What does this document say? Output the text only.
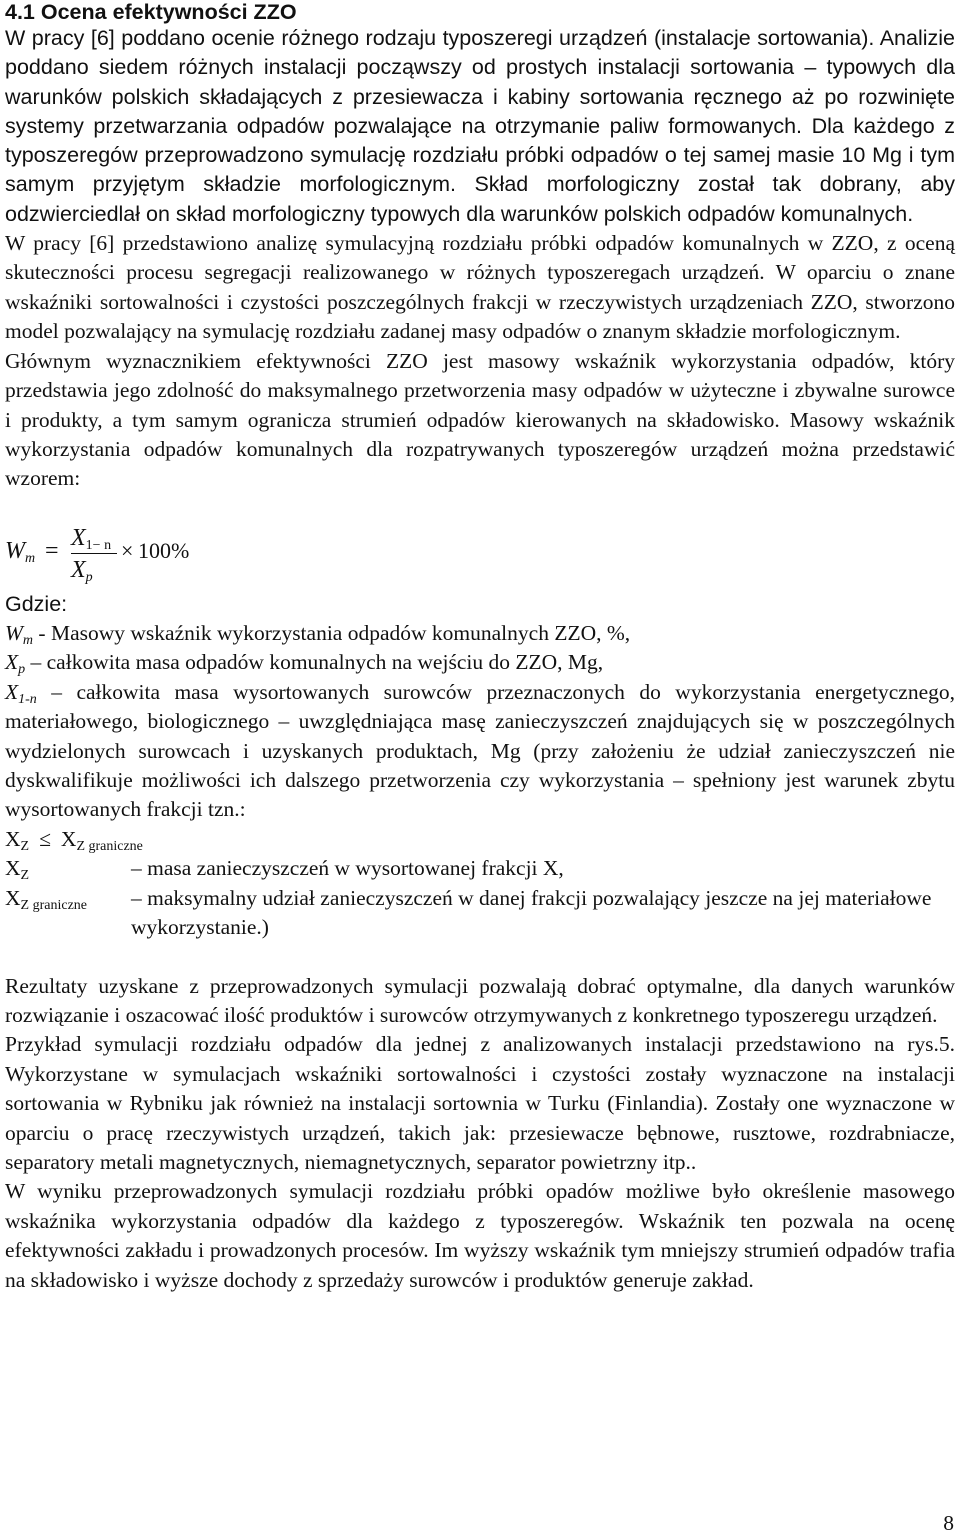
4.1 Ocena efektywności ZZO

W pracy [6] poddano ocenie różnego rodzaju typoszeregi urządzeń (instalacje sortowania). Analizie poddano siedem różnych instalacji począwszy od prostych instalacji sortowania – typowych dla warunków polskich składających z przesiewacza i kabiny sortowania ręcznego aż po rozwinięte systemy przetwarzania odpadów pozwalające na otrzymanie paliw formowanych. Dla każdego z typoszeregów przeprowadzono symulację rozdziału próbki odpadów o tej samej masie 10 Mg i tym samym przyjętym składzie morfologicznym. Skład morfologiczny został tak dobrany, aby odzwierciedlał on skład morfologiczny typowych dla warunków polskich odpadów komunalnych.

W pracy [6] przedstawiono analizę symulacyjną rozdziału próbki odpadów komunalnych w ZZO, z oceną skuteczności procesu segregacji realizowanego w różnych typoszeregach urządzeń. W oparciu o znane wskaźniki sortowalności i czystości poszczególnych frakcji w rzeczywistych urządzeniach ZZO, stworzono model pozwalający na symulację rozdziału zadanej masy odpadów o znanym składzie morfologicznym.

Głównym wyznacznikiem efektywności ZZO jest masowy wskaźnik wykorzystania odpadów, który przedstawia jego zdolność do maksymalnego przetworzenia masy odpadów w użyteczne i zbywalne surowce i produkty, a tym samym ogranicza strumień odpadów kierowanych na składowisko. Masowy wskaźnik wykorzystania odpadów komunalnych dla rozpatrywanych typoszeregów urządzeń można przedstawić wzorem:

$W_m = X_{1- n}$
$X_p$
× 100%
Gdzie:
$W_m$ - Masowy wskaźnik wykorzystania odpadów komunalnych ZZO, %,
$X_p$ – całkowita masa odpadów komunalnych na wejściu do ZZO, Mg,
$X_{1-n}$ – całkowita masa wysortowanych surowców przeznaczonych do wykorzystania energetycznego, materiałowego, biologicznego – uwzględniająca masę zanieczyszczeń znajdujących się w poszczególnych wydzielonych surowcach i uzyskanych produktach, Mg (przy założeniu że udział zanieczyszczeń nie dyskwalifikuje możliwości ich dalszego przetworzenia czy wykorzystania – spełniony jest warunek zbytu wysortowanych frakcji tzn.:
$X_Z \le X_{Z graniczne}$
$X_Z$	– masa zanieczyszczeń w wysortowanej frakcji X,
$X_{Z graniczne}$	– maksymalny udział zanieczyszczeń w danej frakcji pozwalający jeszcze na jej materiałowe wykorzystanie.)

Rezultaty uzyskane z przeprowadzonych symulacji pozwalają dobrać optymalne, dla danych warunków rozwiązanie i oszacować ilość produktów i surowców otrzymywanych z konkretnego typoszeregu urządzeń.

Przykład symulacji rozdziału odpadów dla jednej z analizowanych instalacji przedstawiono na rys.5. Wykorzystane w symulacjach wskaźniki sortowalności i czystości zostały wyznaczone na instalacji sortowania w Rybniku jak również na instalacji sortownia w Turku (Finlandia). Zostały one wyznaczone w oparciu o pracę rzeczywistych urządzeń, takich jak: przesiewacze bębnowe, rusztowe, rozdrabniacze, separatory metali magnetycznych, niemagnetycznych, separator powietrzny itp..

W wyniku przeprowadzonych symulacji rozdziału próbki opadów możliwe było określenie masowego wskaźnika wykorzystania odpadów dla każdego z typoszeregów. Wskaźnik ten pozwala na ocenę efektywności zakładu i prowadzonych procesów. Im wyższy wskaźnik tym mniejszy strumień odpadów trafia na składowisko i wyższe dochody z sprzedaży surowców i produktów generuje zakład.

8
